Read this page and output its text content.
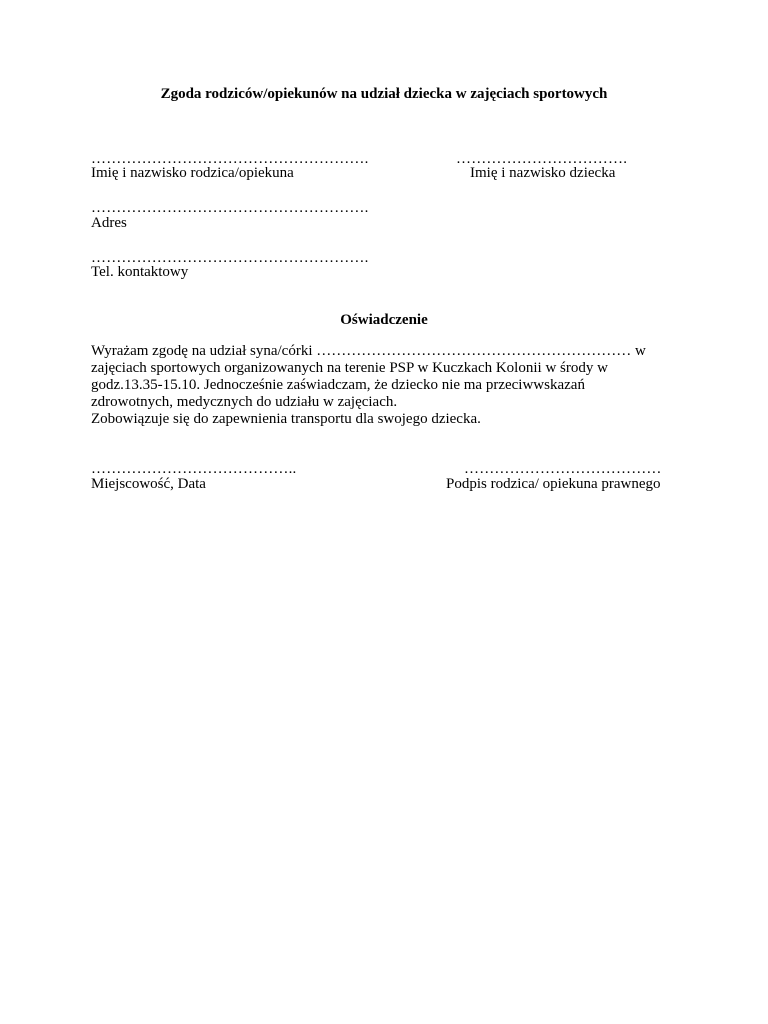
Zgoda rodziców/opiekunów na udział dziecka w zajęciach sportowych
……………………………………………….
Imię i nazwisko rodzica/opiekuna
…………………………….
Imię i nazwisko dziecka
……………………………………………….
Adres
……………………………………………….
Tel. kontaktowy
Oświadczenie
Wyrażam zgodę na udział syna/córki ……………………………………………………… w
zajęciach sportowych organizowanych na terenie PSP w Kuczkach Kolonii w środy w
godz.13.35-15.10. Jednocześnie zaświadczam, że dziecko nie ma przeciwwskazań
zdrowotnych, medycznych do udziału w zajęciach.
Zobowiązuje się do zapewnienia transportu dla swojego dziecka.
…………………………………..
Miejscowość, Data
…………………………………
Podpis rodzica/ opiekuna prawnego
